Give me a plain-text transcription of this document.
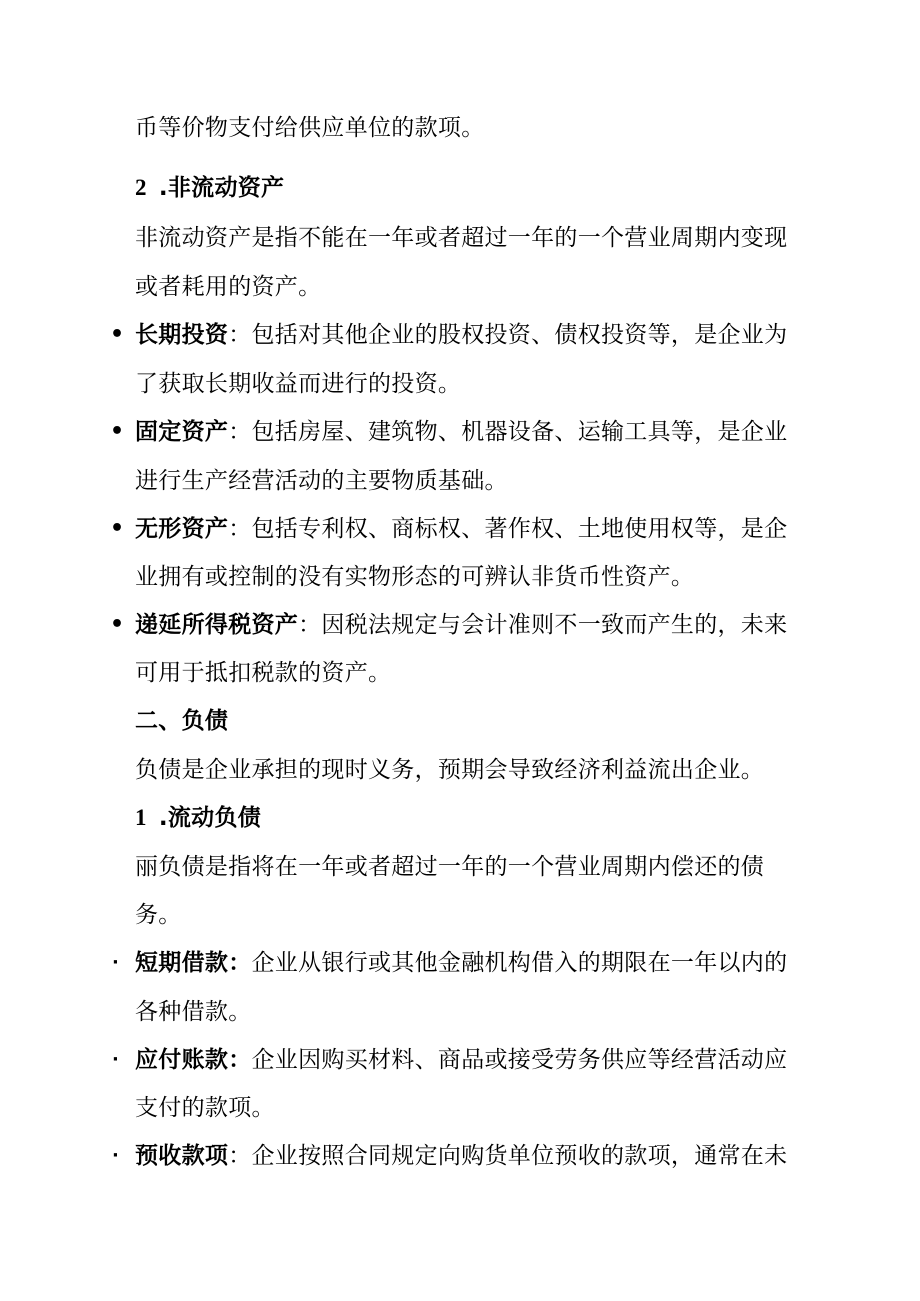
币等价物支付给供应单位的款项。
2 .非流动资产
非流动资产是指不能在一年或者超过一年的一个营业周期内变现
或者耗用的资产。
• 长期投资：包括对其他企业的股权投资、债权投资等，是企业为
了获取长期收益而进行的投资。
• 固定资产：包括房屋、建筑物、机器设备、运输工具等，是企业
进行生产经营活动的主要物质基础。
• 无形资产：包括专利权、商标权、著作权、土地使用权等，是企
业拥有或控制的没有实物形态的可辨认非货币性资产。
• 递延所得税资产：因税法规定与会计准则不一致而产生的，未来
可用于抵扣税款的资产。
二、负债
负债是企业承担的现时义务，预期会导致经济利益流出企业。
1 .流动负债
丽负债是指将在一年或者超过一年的一个营业周期内偿还的债
务。
· 短期借款：企业从银行或其他金融机构借入的期限在一年以内的
各种借款。
· 应付账款：企业因购买材料、商品或接受劳务供应等经营活动应
支付的款项。
· 预收款项：企业按照合同规定向购货单位预收的款项，通常在未
